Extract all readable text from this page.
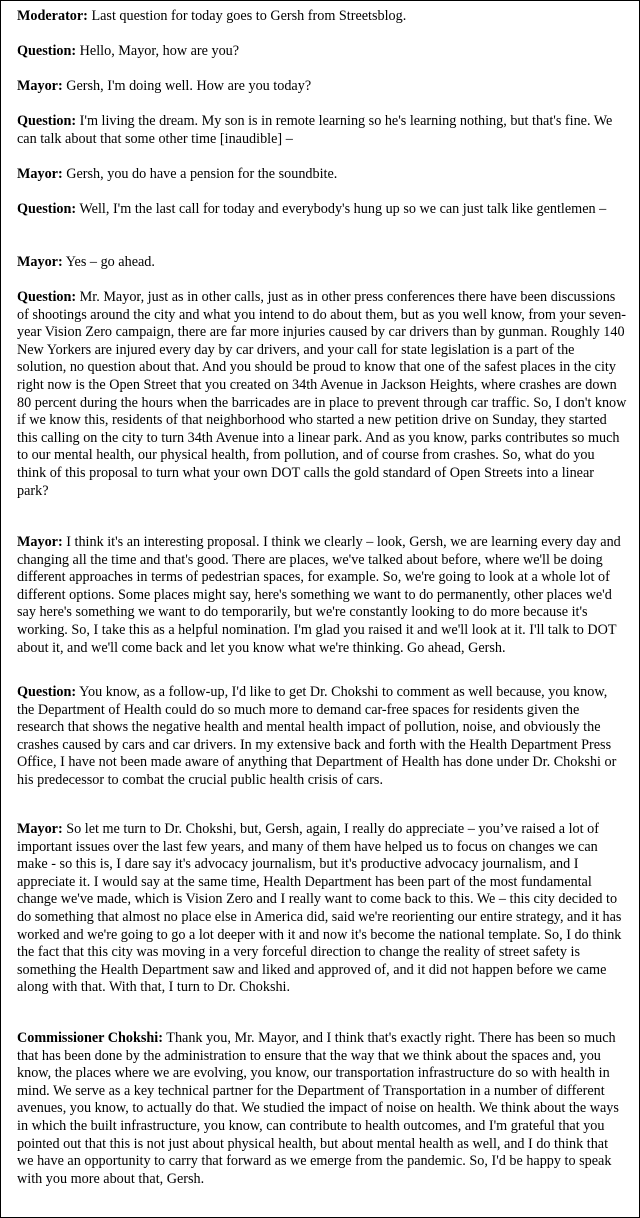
Moderator: Last question for today goes to Gersh from Streetsblog.

Question: Hello, Mayor, how are you?

Mayor: Gersh, I'm doing well. How are you today?

Question: I'm living the dream. My son is in remote learning so he's learning nothing, but that's fine. We can talk about that some other time [inaudible] –

Mayor: Gersh, you do have a pension for the soundbite.

Question: Well, I'm the last call for today and everybody's hung up so we can just talk like gentlemen –

Mayor: Yes – go ahead.

Question: Mr. Mayor, just as in other calls, just as in other press conferences there have been discussions of shootings around the city and what you intend to do about them, but as you well know, from your seven-year Vision Zero campaign, there are far more injuries caused by car drivers than by gunman. Roughly 140 New Yorkers are injured every day by car drivers, and your call for state legislation is a part of the solution, no question about that. And you should be proud to know that one of the safest places in the city right now is the Open Street that you created on 34th Avenue in Jackson Heights, where crashes are down 80 percent during the hours when the barricades are in place to prevent through car traffic. So, I don't know if we know this, residents of that neighborhood who started a new petition drive on Sunday, they started this calling on the city to turn 34th Avenue into a linear park. And as you know, parks contributes so much to our mental health, our physical health, from pollution, and of course from crashes. So, what do you think of this proposal to turn what your own DOT calls the gold standard of Open Streets into a linear park?

Mayor: I think it's an interesting proposal. I think we clearly – look, Gersh, we are learning every day and changing all the time and that's good. There are places, we've talked about before, where we'll be doing different approaches in terms of pedestrian spaces, for example. So, we're going to look at a whole lot of different options. Some places might say, here's something we want to do permanently, other places we'd say here's something we want to do temporarily, but we're constantly looking to do more because it's working. So, I take this as a helpful nomination. I'm glad you raised it and we'll look at it. I'll talk to DOT about it, and we'll come back and let you know what we're thinking. Go ahead, Gersh.

Question: You know, as a follow-up, I'd like to get Dr. Chokshi to comment as well because, you know, the Department of Health could do so much more to demand car-free spaces for residents given the research that shows the negative health and mental health impact of pollution, noise, and obviously the crashes caused by cars and car drivers. In my extensive back and forth with the Health Department Press Office, I have not been made aware of anything that Department of Health has done under Dr. Chokshi or his predecessor to combat the crucial public health crisis of cars.

Mayor: So let me turn to Dr. Chokshi, but, Gersh, again, I really do appreciate – you’ve raised a lot of important issues over the last few years, and many of them have helped us to focus on changes we can make - so this is, I dare say it's advocacy journalism, but it's productive advocacy journalism, and I appreciate it. I would say at the same time, Health Department has been part of the most fundamental change we've made, which is Vision Zero and I really want to come back to this. We – this city decided to do something that almost no place else in America did, said we're reorienting our entire strategy, and it has worked and we're going to go a lot deeper with it and now it's become the national template. So, I do think the fact that this city was moving in a very forceful direction to change the reality of street safety is something the Health Department saw and liked and approved of, and it did not happen before we came along with that. With that, I turn to Dr. Chokshi.

Commissioner Chokshi: Thank you, Mr. Mayor, and I think that's exactly right. There has been so much that has been done by the administration to ensure that the way that we think about the spaces and, you know, the places where we are evolving, you know, our transportation infrastructure do so with health in mind. We serve as a key technical partner for the Department of Transportation in a number of different avenues, you know, to actually do that. We studied the impact of noise on health. We think about the ways in which the built infrastructure, you know, can contribute to health outcomes, and I'm grateful that you pointed out that this is not just about physical health, but about mental health as well, and I do think that we have an opportunity to carry that forward as we emerge from the pandemic. So, I'd be happy to speak with you more about that, Gersh.
